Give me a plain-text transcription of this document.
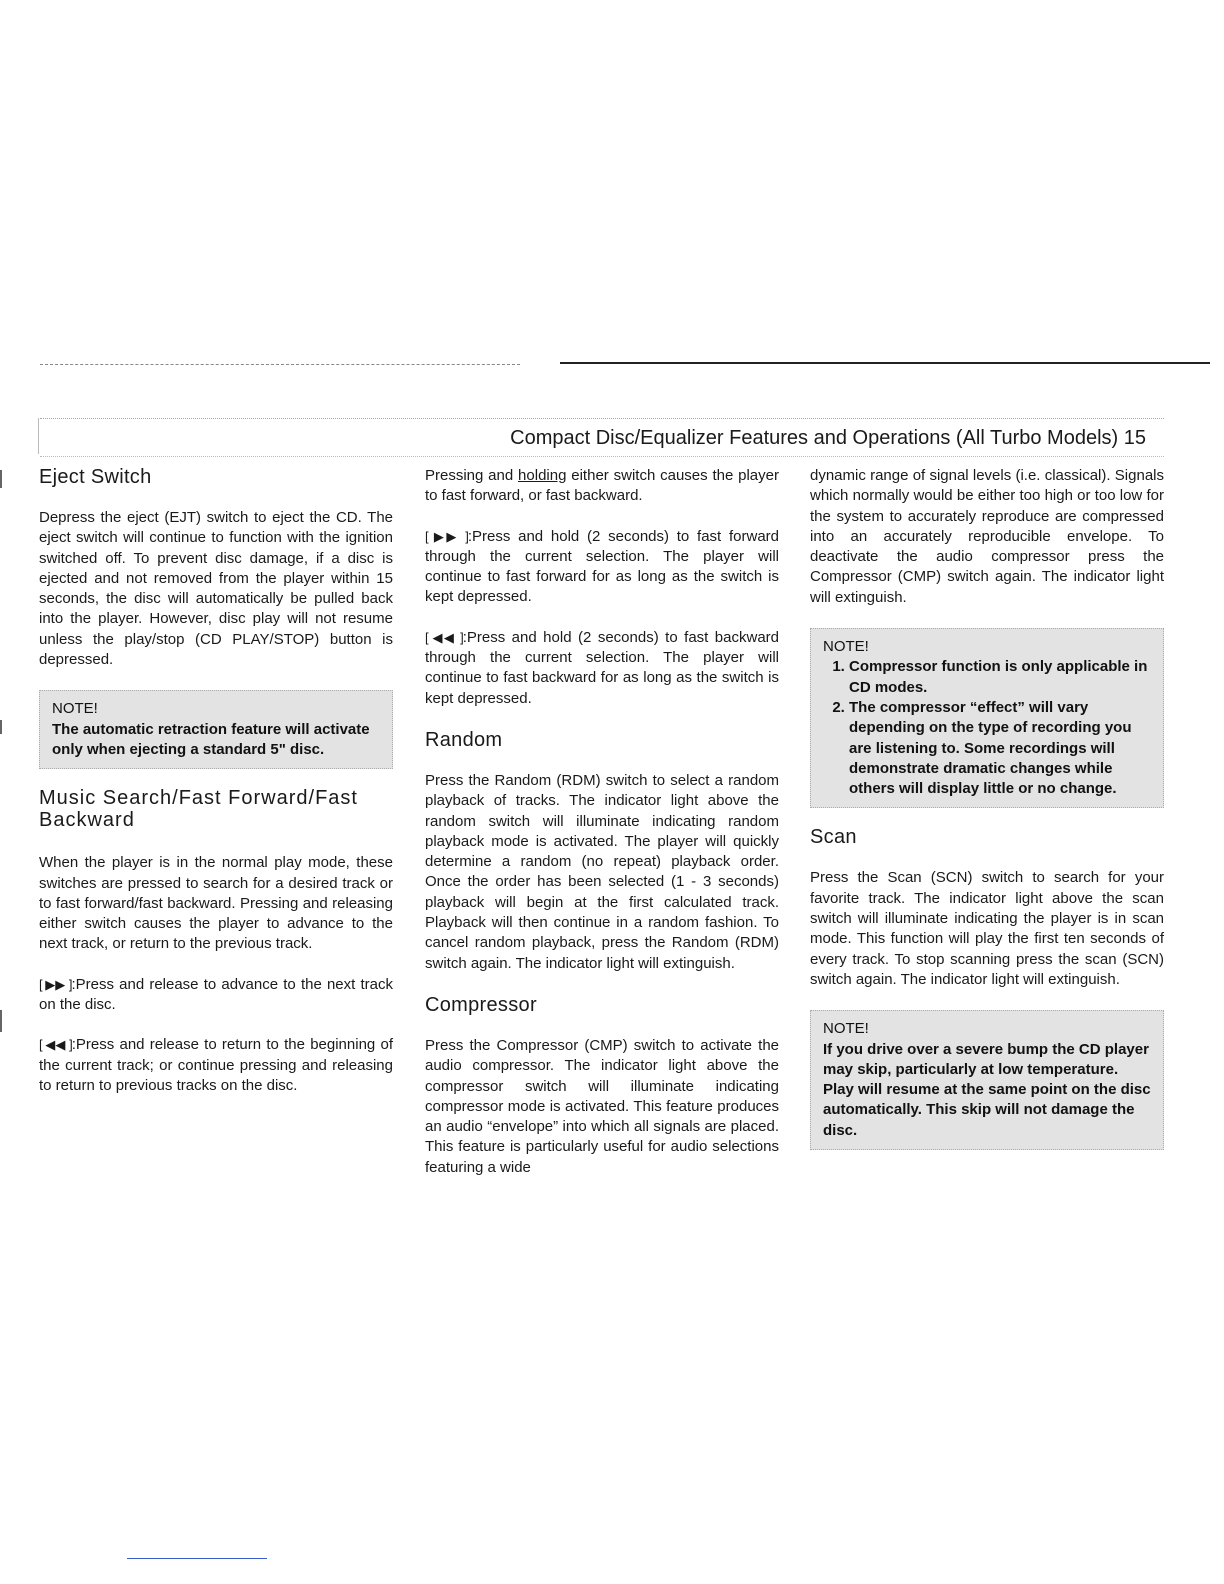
Compact Disc/Equalizer Features and Operations (All Turbo Models) 15
Eject Switch

Depress the eject (EJT) switch to eject the CD. The eject switch will continue to function with the ignition switched off. To prevent disc damage, if a disc is ejected and not removed from the player within 15 seconds, the disc will automatically be pulled back into the player. However, disc play will not resume unless the play/stop (CD PLAY/STOP) button is depressed.

NOTE!
The automatic retraction feature will activate only when ejecting a standard 5" disc.
Music Search/Fast Forward/Fast Backward

When the player is in the normal play mode, these switches are pressed to search for a desired track or to fast forward/fast backward. Pressing and releasing either switch causes the player to advance to the next track, or return to the previous track.

[ ▶▶ ]:Press and release to advance to the next track on the disc.

[ ◀◀ ]:Press and release to return to the beginning of the current track; or continue pressing and releasing to return to previous tracks on the disc.

Pressing and holding either switch causes the player to fast forward, or fast backward.

[ ▶▶ ]:Press and hold (2 seconds) to fast forward through the current selection. The player will continue to fast forward for as long as the switch is kept depressed.

[ ◀◀ ]:Press and hold (2 seconds) to fast backward through the current selection. The player will continue to fast backward for as long as the switch is kept depressed.

Random

Press the Random (RDM) switch to select a random playback of tracks. The indicator light above the random switch will illuminate indicating random playback mode is activated. The player will quickly determine a random (no repeat) playback order. Once the order has been selected (1 - 3 seconds) playback will begin at the first calculated track. Playback will then continue in a random fashion. To cancel random playback, press the Random (RDM) switch again. The indicator light will extinguish.

Compressor

Press the Compressor (CMP) switch to activate the audio compressor. The indicator light above the compressor switch will illuminate indicating compressor mode is activated. This feature produces an audio “envelope” into which all signals are placed. This feature is particularly useful for audio selections featuring a wide

dynamic range of signal levels (i.e. classical). Signals which normally would be either too high or too low for the system to accurately reproduce are compressed into an accurately reproducible envelope. To deactivate the audio compressor press the Compressor (CMP) switch again. The indicator light will extinguish.

NOTE!
1. Compressor function is only applicable in CD modes.
2. The compressor “effect” will vary depending on the type of recording you are listening to. Some recordings will demonstrate dramatic changes while others will display little or no change.
Scan

Press the Scan (SCN) switch to search for your favorite track. The indicator light above the scan switch will illuminate indicating the player is in scan mode. This function will play the first ten seconds of every track. To stop scanning press the scan (SCN) switch again. The indicator light will extinguish.

NOTE!
If you drive over a severe bump the CD player may skip, particularly at low temperature. Play will resume at the same point on the disc automatically. This skip will not damage the disc.
